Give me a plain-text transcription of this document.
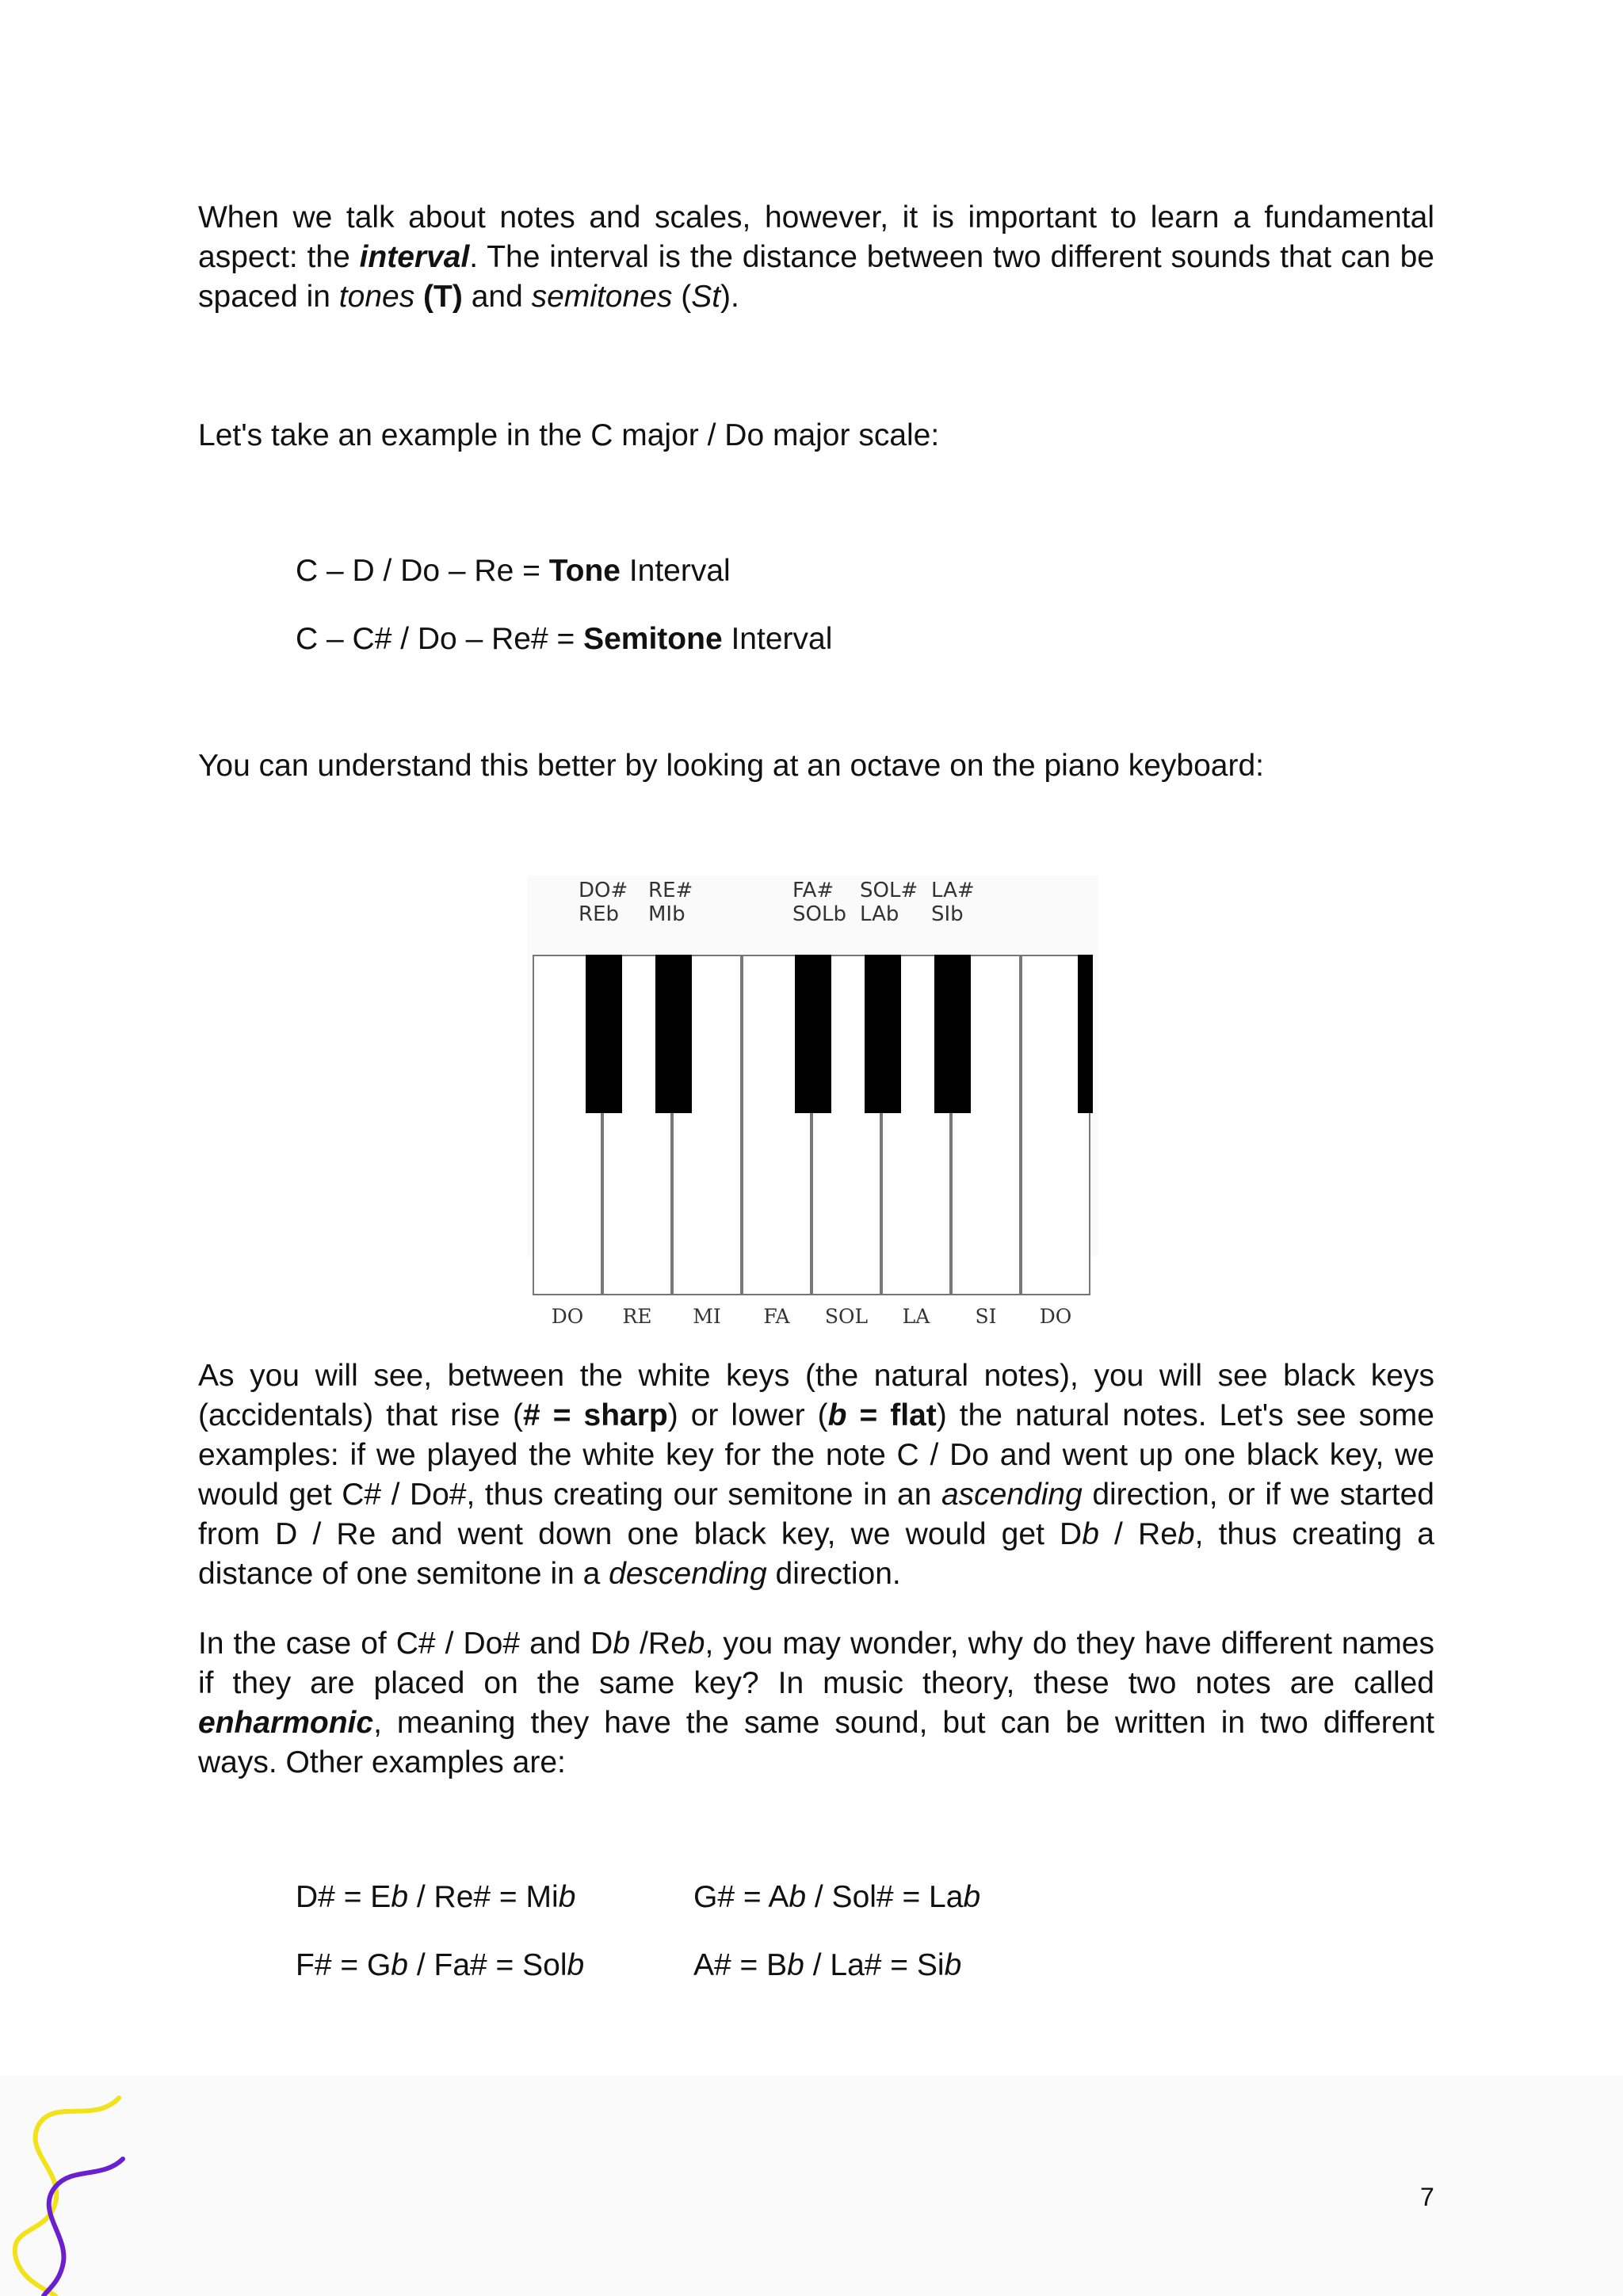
When we talk about notes and scales, however, it is important to learn a fundamental aspect: the interval. The interval is the distance between two different sounds that can be spaced in tones (T) and semitones (St).

Let's take an example in the C major / Do major scale:

C – D / Do – Re = Tone Interval
C – C# / Do – Re# = Semitone Interval

You can understand this better by looking at an octave on the piano keyboard:

DO#
REb
RE#
MIb
FA#
SOLb
SOL#
LAb
LA#
SIb
DO	RE	MI	FA	SOL	LA	SI	DO

As you will see, between the white keys (the natural notes), you will see black keys (accidentals) that rise (# = sharp) or lower (b = flat) the natural notes. Let's see some examples: if we played the white key for the note C / Do and went up one black key, we would get C# / Do#, thus creating our semitone in an ascending direction, or if we started from D / Re and went down one black key, we would get Db / Reb, thus creating a distance of one semitone in a descending direction.

In the case of C# / Do# and Db /Reb, you may wonder, why do they have different names if they are placed on the same key? In music theory, these two notes are called enharmonic, meaning they have the same sound, but can be written in two different ways. Other examples are:

D# = Eb / Re# = Mib	G# = Ab / Sol# = Lab
F# = Gb / Fa# = Solb	A# = Bb / La# = Sib
7
